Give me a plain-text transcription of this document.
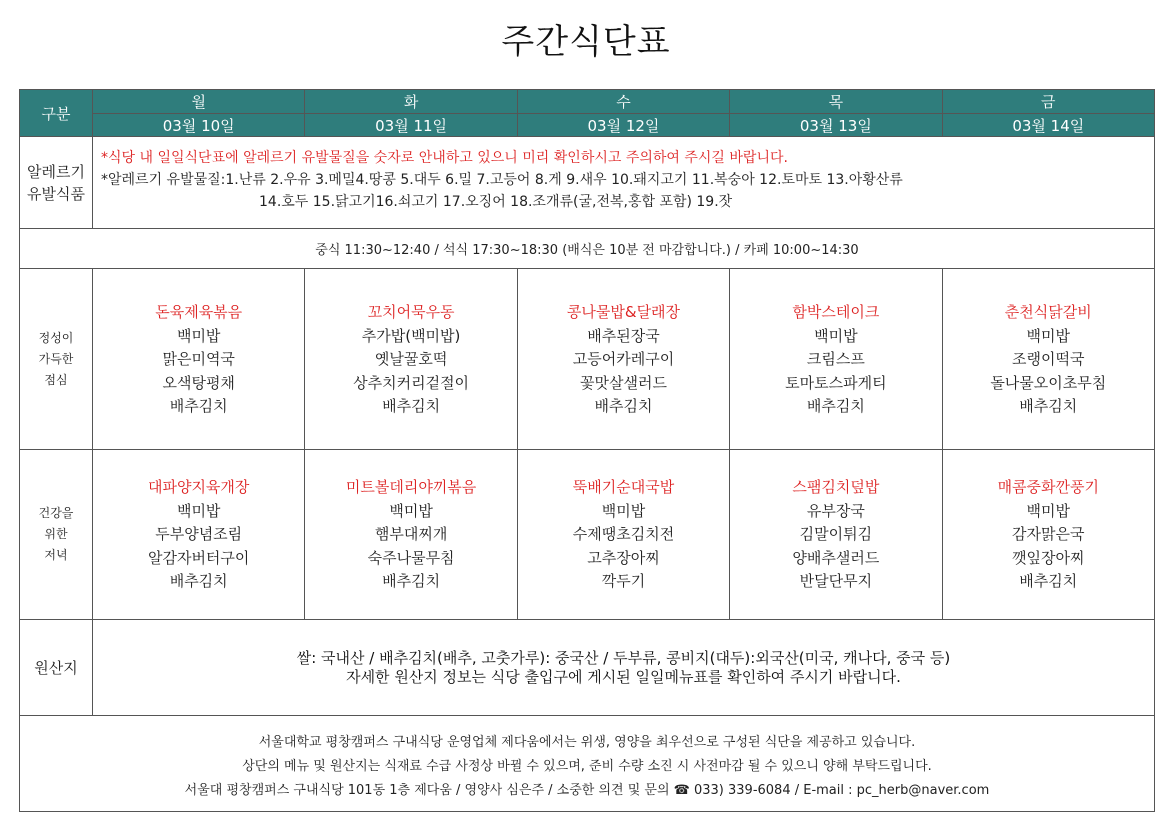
주간식단표
구분	월	화	수	목	금
	03월 10일	03월 11일	03월 12일	03월 13일	03월 14일

알레르기
유발식품	*식당 내 일일식단표에 알레르기 유발물질을 숫자로 안내하고 있으니 미리 확인하시고 주의하여 주시길 바랍니다.
*알레르기 유발물질:1.난류 2.우유 3.메밀4.땅콩 5.대두 6.밀 7.고등어 8.게 9.새우 10.돼지고기 11.복숭아 12.토마토 13.아황산류
14.호두 15.닭고기16.쇠고기 17.오징어 18.조개류(굴,전복,홍합 포함) 19.잣				

중식 11:30~12:40 / 석식 17:30~18:30 (배식은 10분 전 마감합니다.) / 카페 10:00~14:30					

정성이
가득한
점심	돈육제육볶음
백미밥
맑은미역국
오색탕평채
배추김치	꼬치어묵우동
추가밥(백미밥)
옛날꿀호떡
상추치커리겉절이
배추김치	콩나물밥&달래장
배추된장국
고등어카레구이
꽃맛살샐러드
배추김치	함박스테이크
백미밥
크림스프
토마토스파게티
배추김치	춘천식닭갈비
백미밥
조랭이떡국
돌나물오이초무침
배추김치

건강을
위한
저녁	대파양지육개장
백미밥
두부양념조림
알감자버터구이
배추김치	미트볼데리야끼볶음
백미밥
햄부대찌개
숙주나물무침
배추김치	뚝배기순대국밥
백미밥
수제땡초김치전
고추장아찌
깍두기	스팸김치덮밥
유부장국
김말이튀김
양배추샐러드
반달단무지	매콤중화깐풍기
백미밥
감자맑은국
깻잎장아찌
배추김치

원산지	쌀: 국내산 / 배추김치(배추, 고춧가루): 중국산 / 두부류, 콩비지(대두):외국산(미국, 캐나다, 중국 등)
자세한 원산지 정보는 식당 출입구에 게시된 일일메뉴표를 확인하여 주시기 바랍니다.				

서울대학교 평창캠퍼스 구내식당 운영업체 제다움에서는 위생, 영양을 최우선으로 구성된 식단을 제공하고 있습니다.
상단의 메뉴 및 원산지는 식재료 수급 사정상 바뀔 수 있으며, 준비 수량 소진 시 사전마감 될 수 있으니 양해 부탁드립니다.
서울대 평창캠퍼스 구내식당 101동 1층 제다움 / 영양사 심은주 / 소중한 의견 및 문의 ☎ 033) 339-6084 / E-mail : pc_herb@naver.com					
